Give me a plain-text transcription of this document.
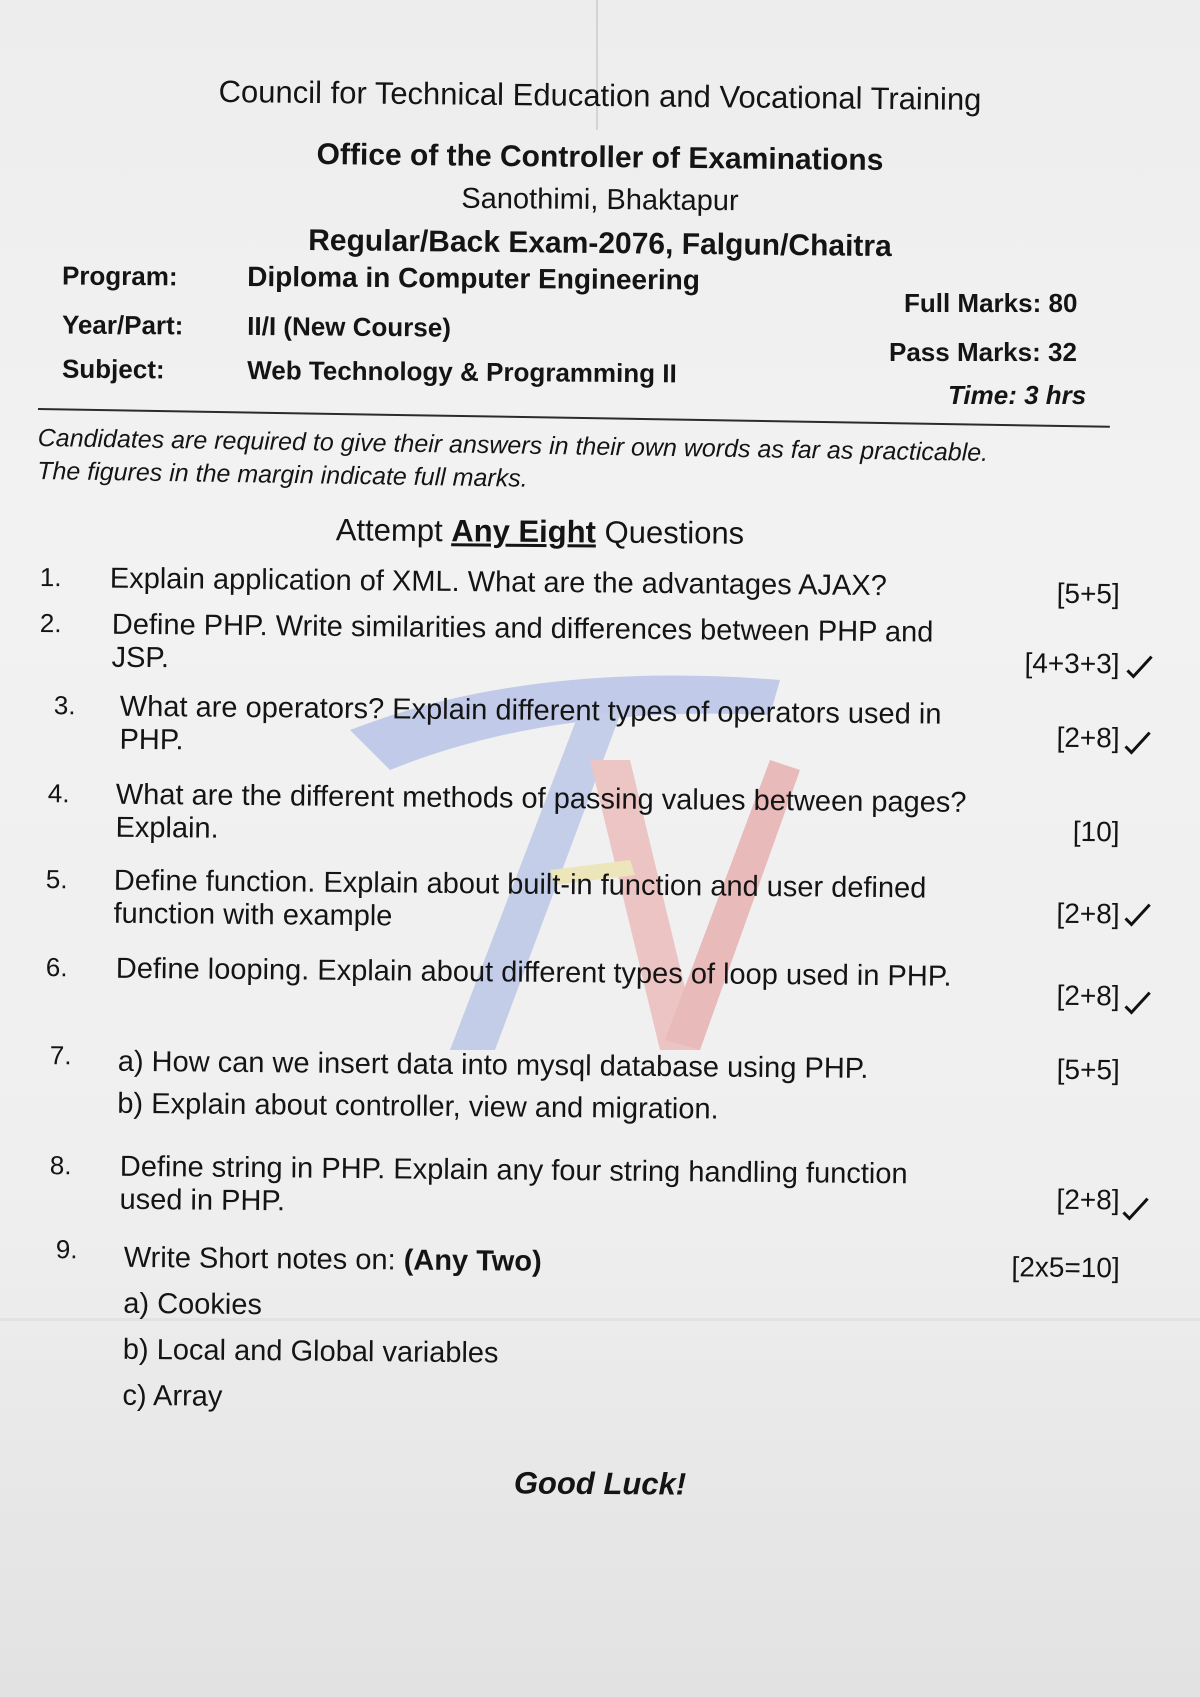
Council for Technical Education and Vocational Training
Office of the Controller of Examinations
Sanothimi, Bhaktapur
Regular/Back Exam-2076, Falgun/Chaitra
Program: Diploma in Computer Engineering
Year/Part: II/I (New Course)
Subject:	Web Technology & Programming II
Full Marks: 80
Pass Marks: 32
Time: 3 hrs
Candidates are required to give their answers in their own words as far as practicable. The figures in the margin indicate full marks.
Attempt Any Eight Questions
1. Explain application of XML. What are the advantages AJAX?	[5+5]
2. Define PHP. Write similarities and differences between PHP and JSP.	[4+3+3]
3. What are operators? Explain different types of operators used in PHP.	[2+8]
4. What are the different methods of passing values between pages? Explain.	[10]
5. Define function. Explain about built-in function and user defined function with example	[2+8]
6. Define looping. Explain about different types of loop used in PHP.
[2+8]
7. a) How can we insert data into mysql database using PHP.
b) Explain about controller, view and migration.
[5+5]
8. Define string in PHP. Explain any four string handling function used in PHP.	[2+8]
9. Write Short notes on: (Any Two)
a) Cookies
b) Local and Global variables
c) Array
[2x5=10]
Good Luck!
